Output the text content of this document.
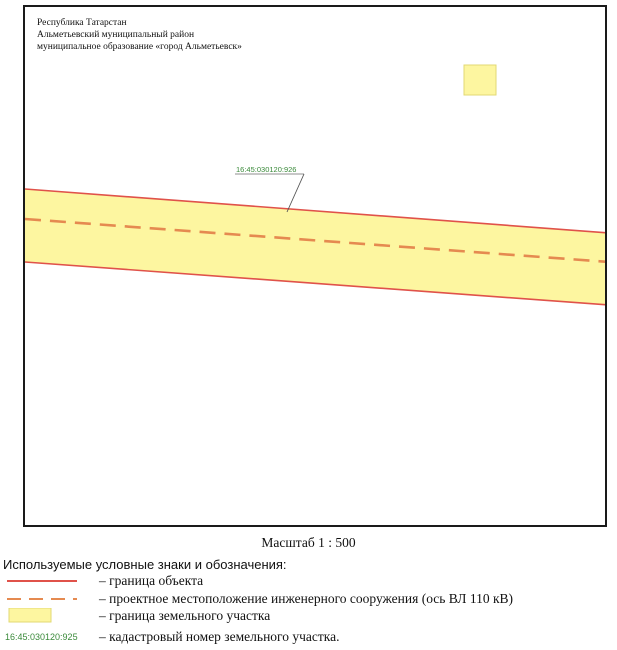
16:45:030120:926
Республика Татарстан
Альметьевский муниципальный район
муниципальное образование «город Альметьевск»
Масштаб 1 : 500
Используемые условные знаки и обозначения:
– граница объекта
– проектное местоположение инженерного сооружения (ось ВЛ 110 кВ)
– граница земельного участка
16:45:030120:925 – кадастровый номер земельного участка.
